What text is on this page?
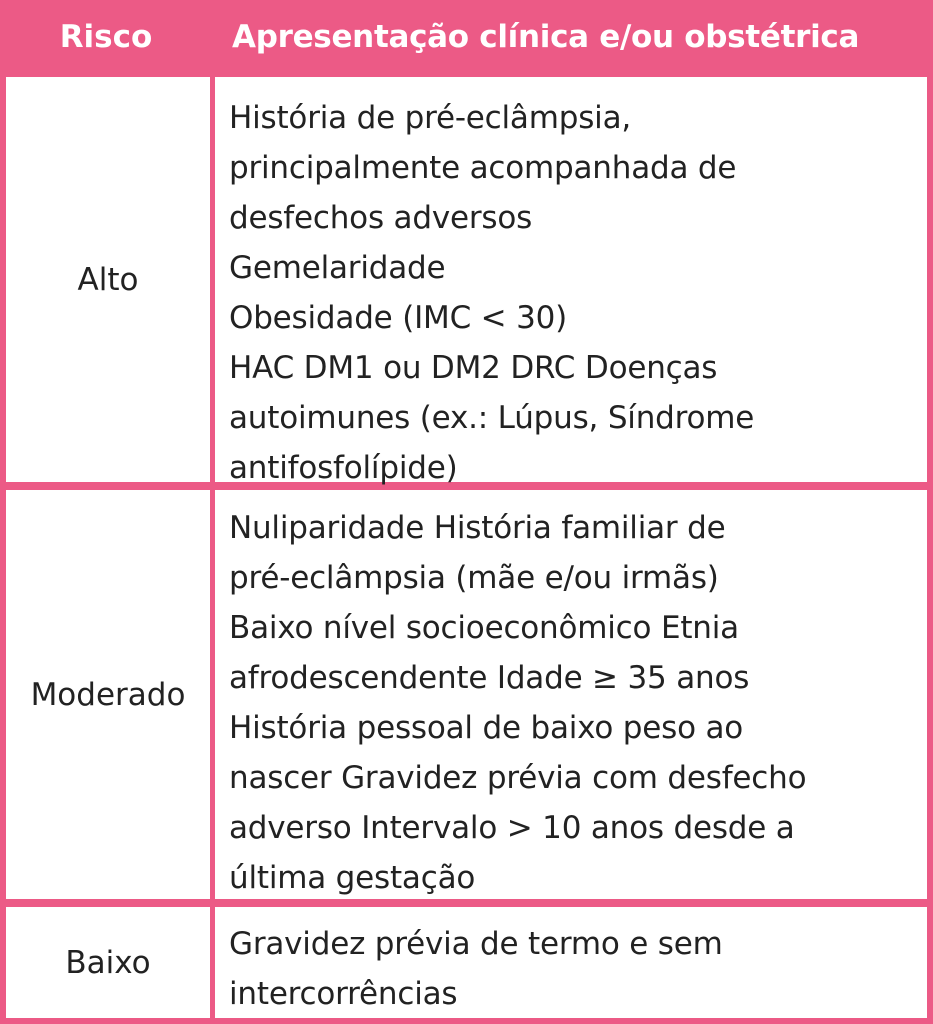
Risco	Apresentação clínica e/ou obstétrica
Alto
História de pré-eclâmpsia,
principalmente acompanhada de
desfechos adversos
Gemelaridade
Obesidade (IMC < 30)
HAC DM1 ou DM2 DRC Doenças
autoimunes (ex.: Lúpus, Síndrome
antifosfolípide)
Moderado
Nuliparidade História familiar de
pré-eclâmpsia (mãe e/ou irmãs)
Baixo nível socioeconômico Etnia
afrodescendente Idade ≥ 35 anos
História pessoal de baixo peso ao
nascer Gravidez prévia com desfecho
adverso Intervalo > 10 anos desde a
última gestação
Baixo
Gravidez prévia de termo e sem
intercorrências
